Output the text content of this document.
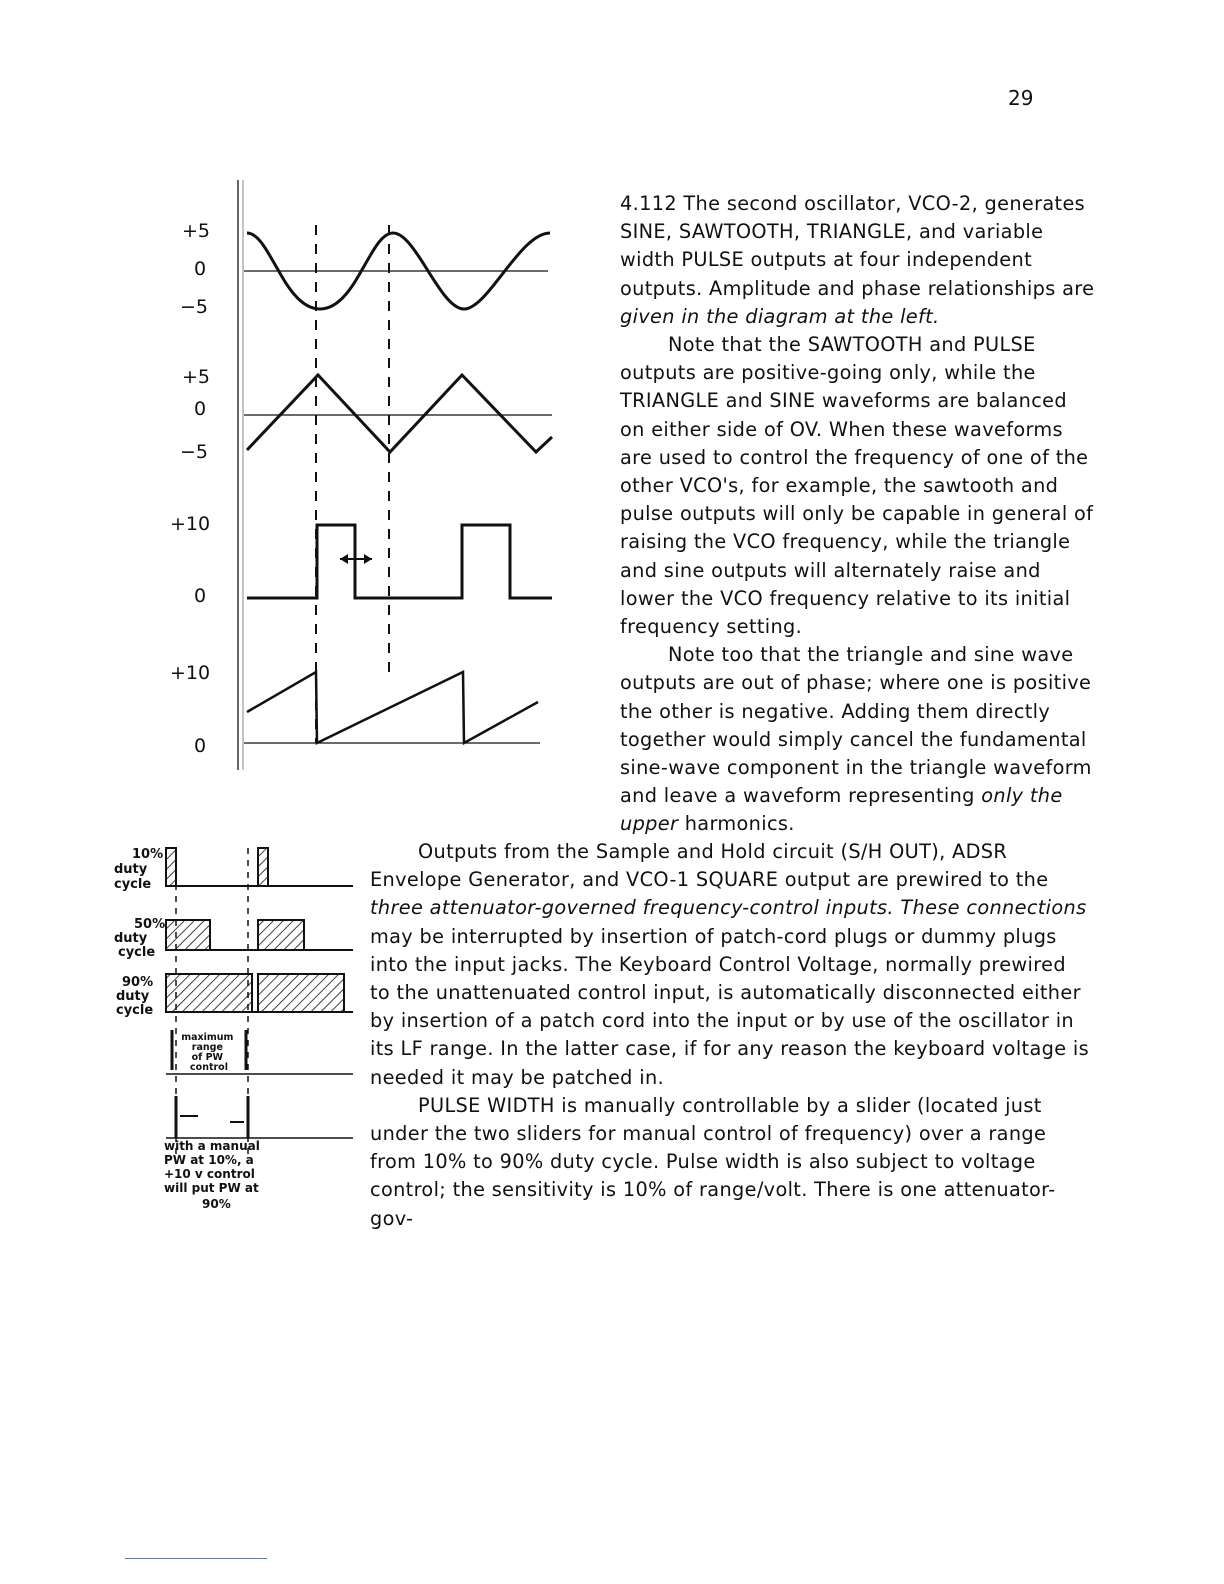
29
+5
0
−5
+5
0
−5
+10
0
+10
0
10% duty cycle
50% duty cycle
90% duty cycle
maximum range of PW control
with a manual PW at 10%, a +10 v control will put PW at 90%

4.112 The second oscillator, VCO-2, generates SINE, SAWTOOTH, TRIANGLE, and variable width PULSE outputs at four independent outputs. Amplitude and phase relationships are given in the diagram at the left.

Note that the SAWTOOTH and PULSE outputs are positive-going only, while the TRIANGLE and SINE waveforms are balanced on either side of OV. When these waveforms are used to control the frequency of one of the other VCO's, for example, the sawtooth and pulse outputs will only be capable in general of raising the VCO frequency, while the triangle and sine outputs will alternately raise and lower the VCO frequency relative to its initial frequency setting.

Note too that the triangle and sine wave outputs are out of phase; where one is positive the other is negative. Adding them directly together would simply cancel the fundamental sine-wave component in the triangle waveform and leave a waveform representing only the upper harmonics.

Outputs from the Sample and Hold circuit (S/H OUT), ADSR Envelope Generator, and VCO-1 SQUARE output are prewired to the three attenuator-governed frequency-control inputs. These connections may be interrupted by insertion of patch-cord plugs or dummy plugs into the input jacks. The Keyboard Control Voltage, normally prewired to the unattenuated control input, is automatically disconnected either by insertion of a patch cord into the input or by use of the oscillator in its LF range. In the latter case, if for any reason the keyboard voltage is needed it may be patched in.

PULSE WIDTH is manually controllable by a slider (located just under the two sliders for manual control of frequency) over a range from 10% to 90% duty cycle. Pulse width is also subject to voltage control; the sensitivity is 10% of range/volt. There is one attenuator-gov-
